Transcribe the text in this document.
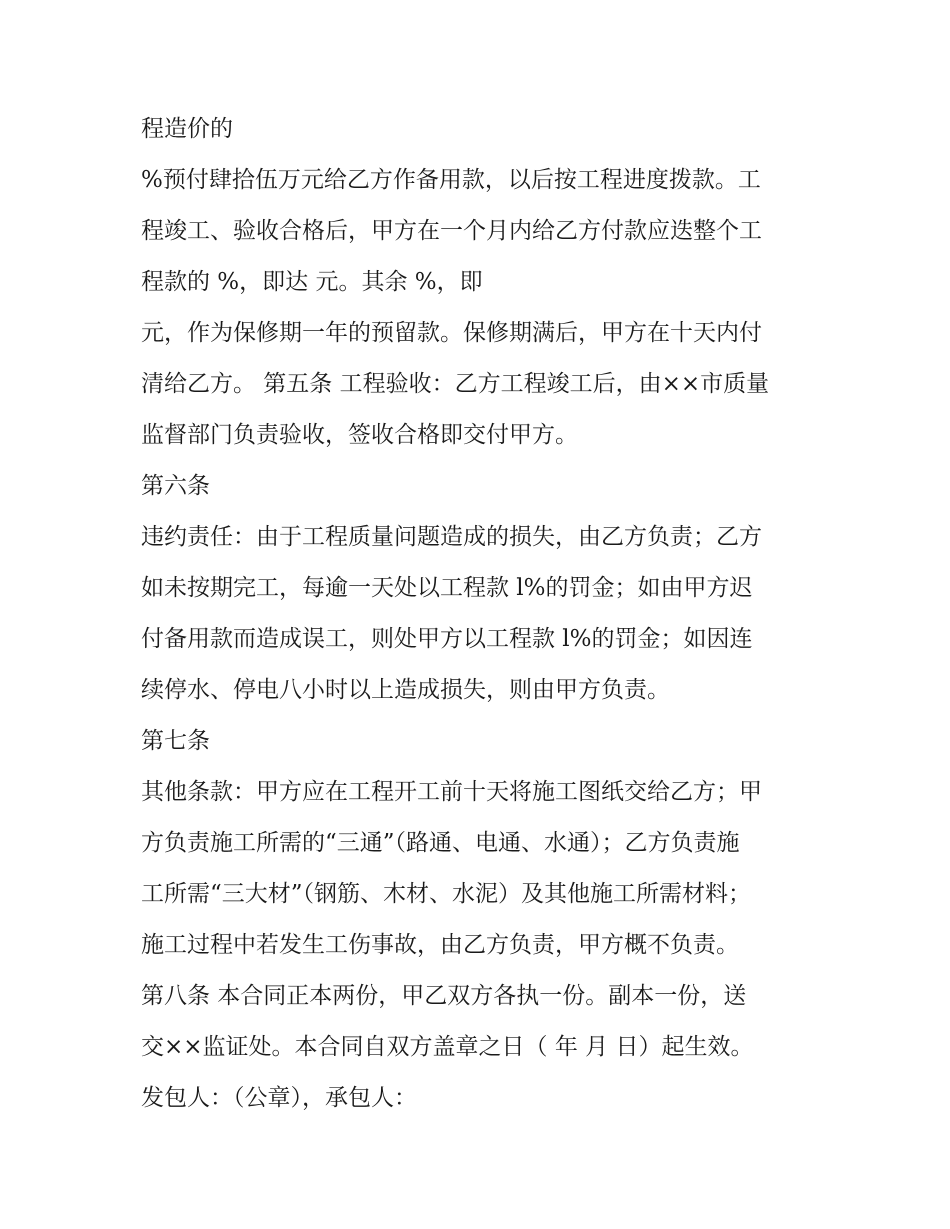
程造价的
%预付肆拾伍万元给乙方作备用款，以后按工程进度拨款。工
程竣工、验收合格后，甲方在一个月内给乙方付款应迭整个工
程款的 %，即达 元。其余 %，即
元，作为保修期一年的预留款。保修期满后，甲方在十天内付
清给乙方。 第五条 工程验收：乙方工程竣工后，由××市质量
监督部门负责验收，签收合格即交付甲方。
第六条
违约责任：由于工程质量问题造成的损失，由乙方负责；乙方
如未按期完工，每逾一天处以工程款 l%的罚金；如由甲方迟
付备用款而造成误工，则处甲方以工程款 l%的罚金；如因连
续停水、停电八小时以上造成损失，则由甲方负责。
第七条
其他条款：甲方应在工程开工前十天将施工图纸交给乙方；甲
方负责施工所需的“三通”（路通、电通、水通）；乙方负责施
工所需“三大材”（钢筋、木材、水泥）及其他施工所需材料；
施工过程中若发生工伤事故，由乙方负责，甲方概不负责。
第八条 本合同正本两份，甲乙双方各执一份。副本一份，送
交××监证处。本合同自双方盖章之日（ 年 月 日）起生效。
发包人：（公章），承包人：
